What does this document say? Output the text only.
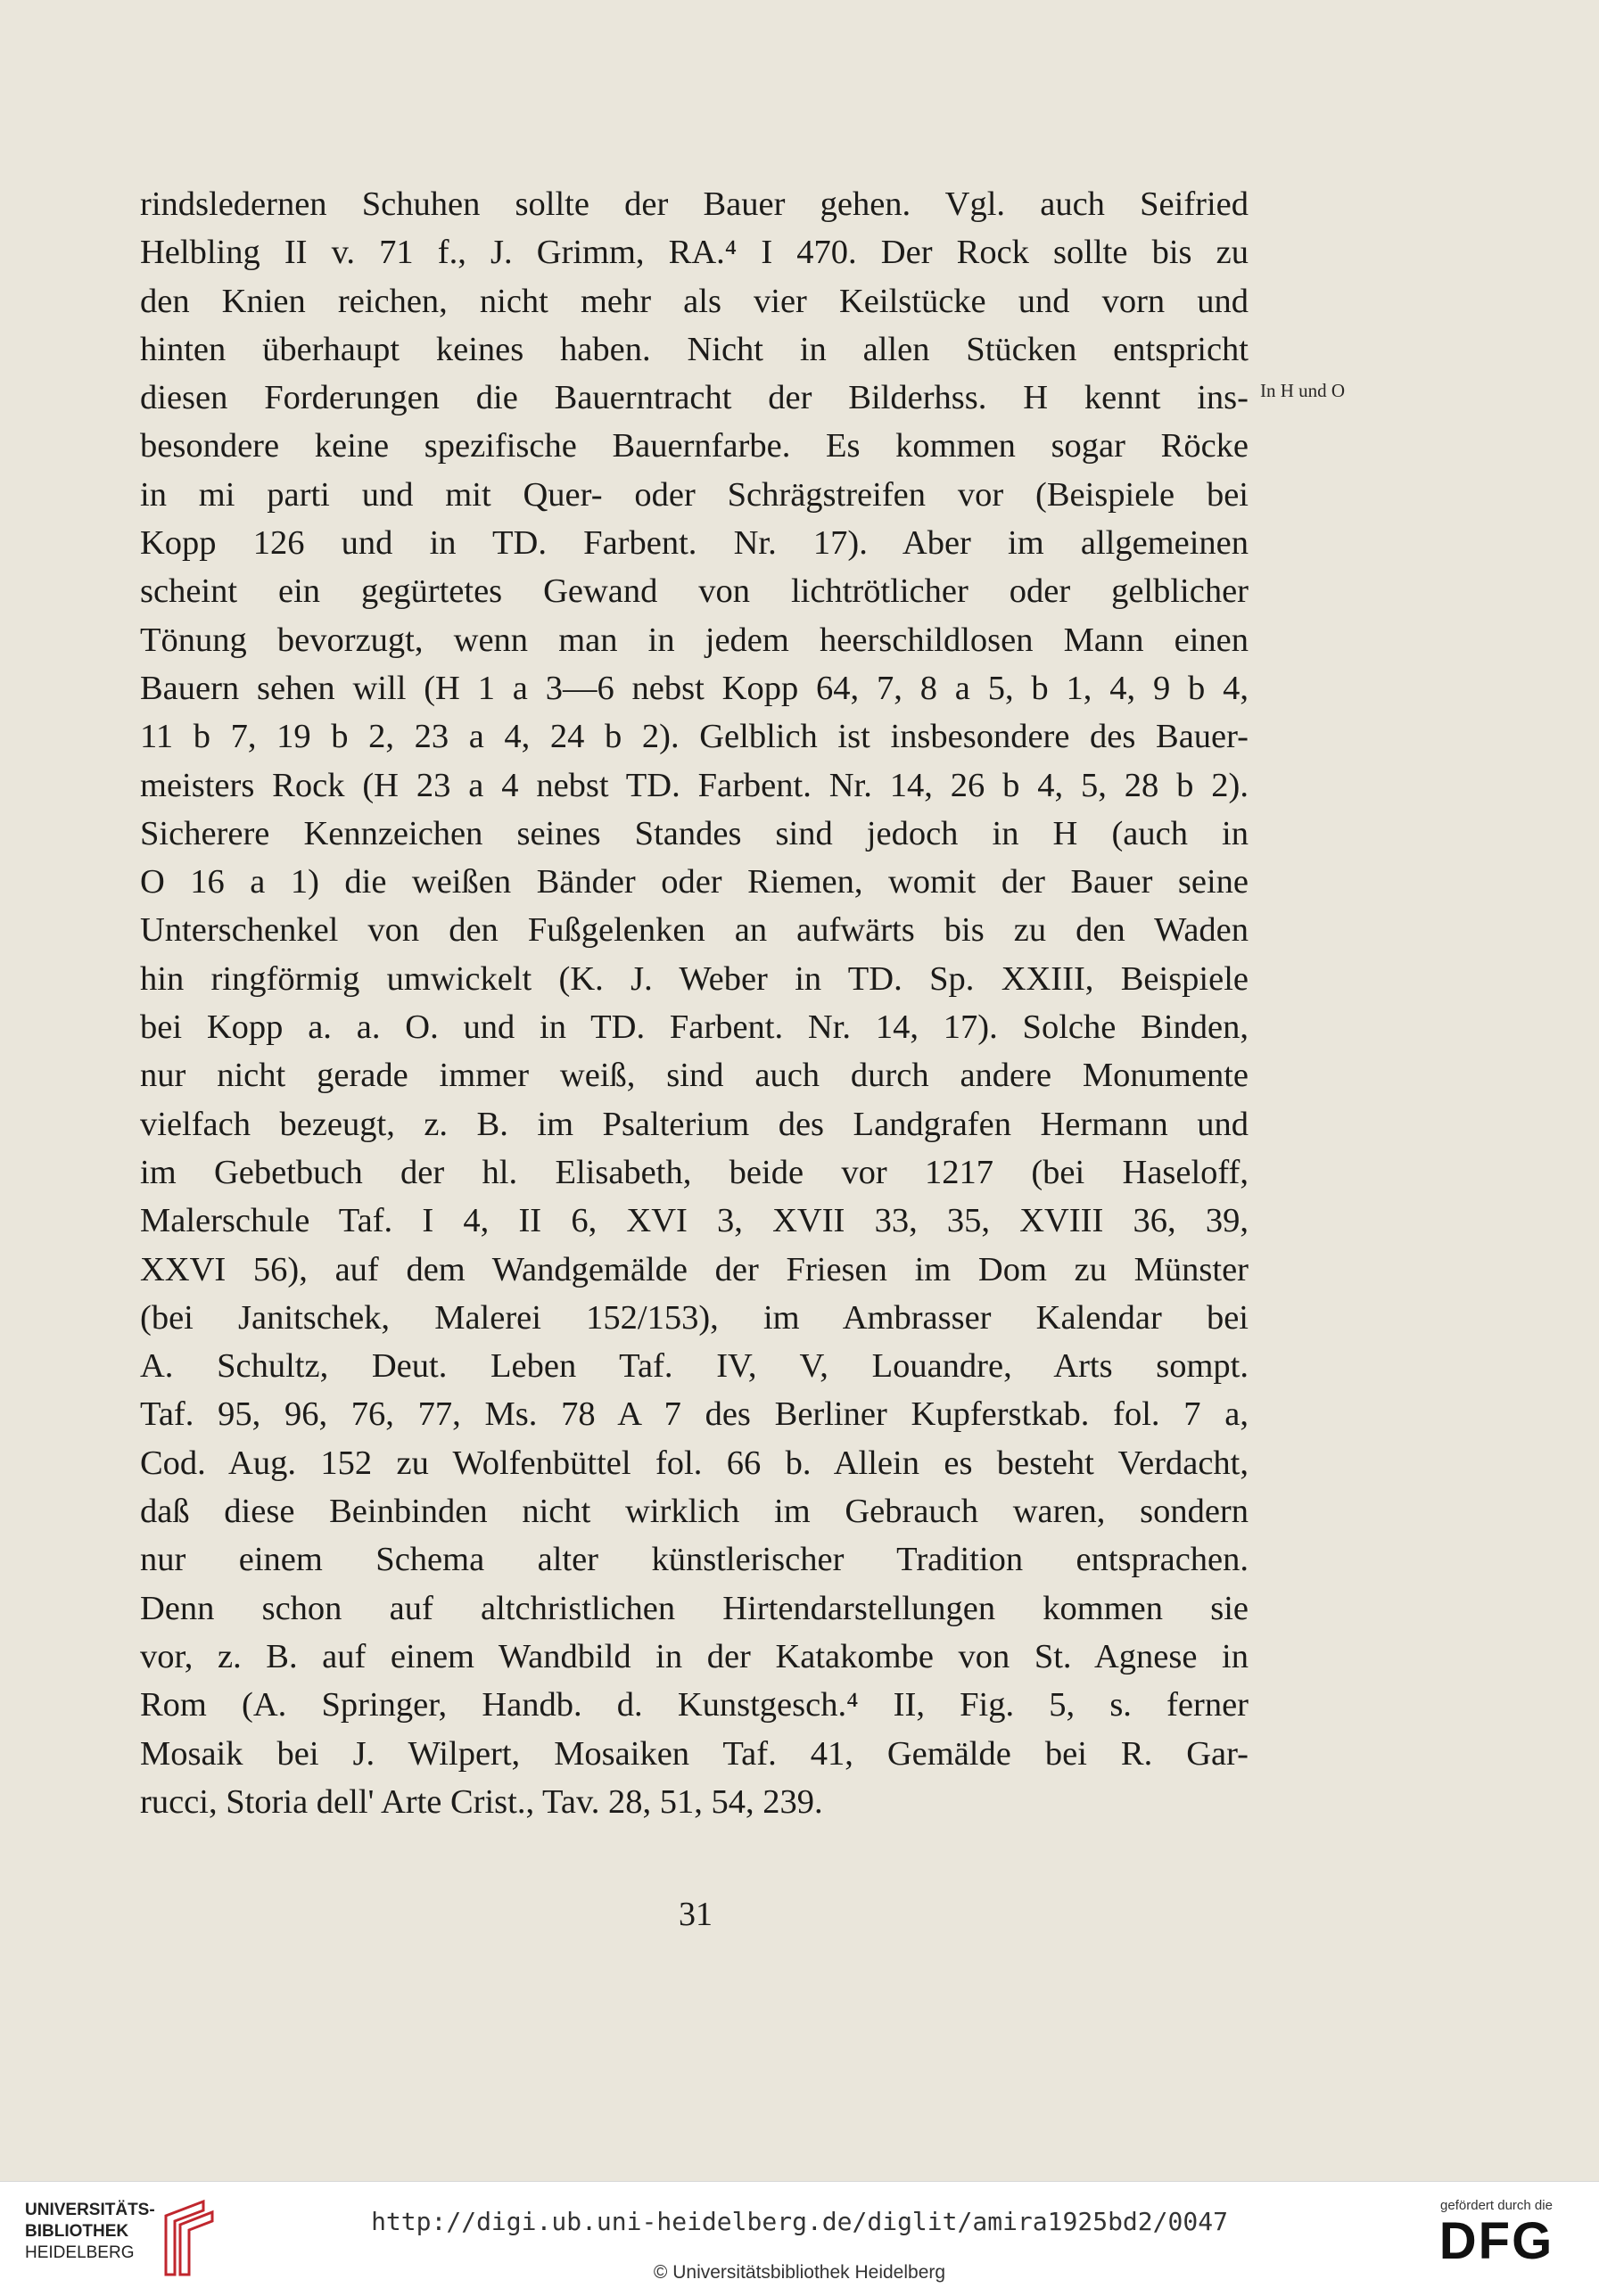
rindsledernen Schuhen sollte der Bauer gehen. Vgl. auch Seifried
Helbling II v. 71 f., J. Grimm, RA.⁴ I 470. Der Rock sollte bis zu
den Knien reichen, nicht mehr als vier Keilstücke und vorn und
hinten überhaupt keines haben. Nicht in allen Stücken entspricht
diesen Forderungen die Bauerntracht der Bilderhss. H kennt ins-
besondere keine spezifische Bauernfarbe. Es kommen sogar Röcke
in mi parti und mit Quer- oder Schrägstreifen vor (Beispiele bei
Kopp 126 und in TD. Farbent. Nr. 17). Aber im allgemeinen
scheint ein gegürtetes Gewand von lichtrötlicher oder gelblicher
Tönung bevorzugt, wenn man in jedem heerschildlosen Mann einen
Bauern sehen will (H 1 a 3—6 nebst Kopp 64, 7, 8 a 5, b 1, 4, 9 b 4,
11 b 7, 19 b 2, 23 a 4, 24 b 2). Gelblich ist insbesondere des Bauer-
meisters Rock (H 23 a 4 nebst TD. Farbent. Nr. 14, 26 b 4, 5, 28 b 2).
Sicherere Kennzeichen seines Standes sind jedoch in H (auch in
O 16 a 1) die weißen Bänder oder Riemen, womit der Bauer seine
Unterschenkel von den Fußgelenken an aufwärts bis zu den Waden
hin ringförmig umwickelt (K. J. Weber in TD. Sp. XXIII, Beispiele
bei Kopp a. a. O. und in TD. Farbent. Nr. 14, 17). Solche Binden,
nur nicht gerade immer weiß, sind auch durch andere Monumente
vielfach bezeugt, z. B. im Psalterium des Landgrafen Hermann und
im Gebetbuch der hl. Elisabeth, beide vor 1217 (bei Haseloff,
Malerschule Taf. I 4, II 6, XVI 3, XVII 33, 35, XVIII 36, 39,
XXVI 56), auf dem Wandgemälde der Friesen im Dom zu Münster
(bei Janitschek, Malerei 152/153), im Ambrasser Kalendar bei
A. Schultz, Deut. Leben Taf. IV, V, Louandre, Arts sompt.
Taf. 95, 96, 76, 77, Ms. 78 A 7 des Berliner Kupferstkab. fol. 7 a,
Cod. Aug. 152 zu Wolfenbüttel fol. 66 b. Allein es besteht Verdacht,
daß diese Beinbinden nicht wirklich im Gebrauch waren, sondern
nur einem Schema alter künstlerischer Tradition entsprachen.
Denn schon auf altchristlichen Hirtendarstellungen kommen sie
vor, z. B. auf einem Wandbild in der Katakombe von St. Agnese in
Rom (A. Springer, Handb. d. Kunstgesch.⁴ II, Fig. 5, s. ferner
Mosaik bei J. Wilpert, Mosaiken Taf. 41, Gemälde bei R. Gar-
rucci, Storia dell' Arte Crist., Tav. 28, 51, 54, 239.
In H und O
31
UNIVERSITÄTS-
BIBLIOTHEK
HEIDELBERG
http://digi.ub.uni-heidelberg.de/diglit/amira1925bd2/0047
© Universitätsbibliothek Heidelberg
gefördert durch die
DFG
